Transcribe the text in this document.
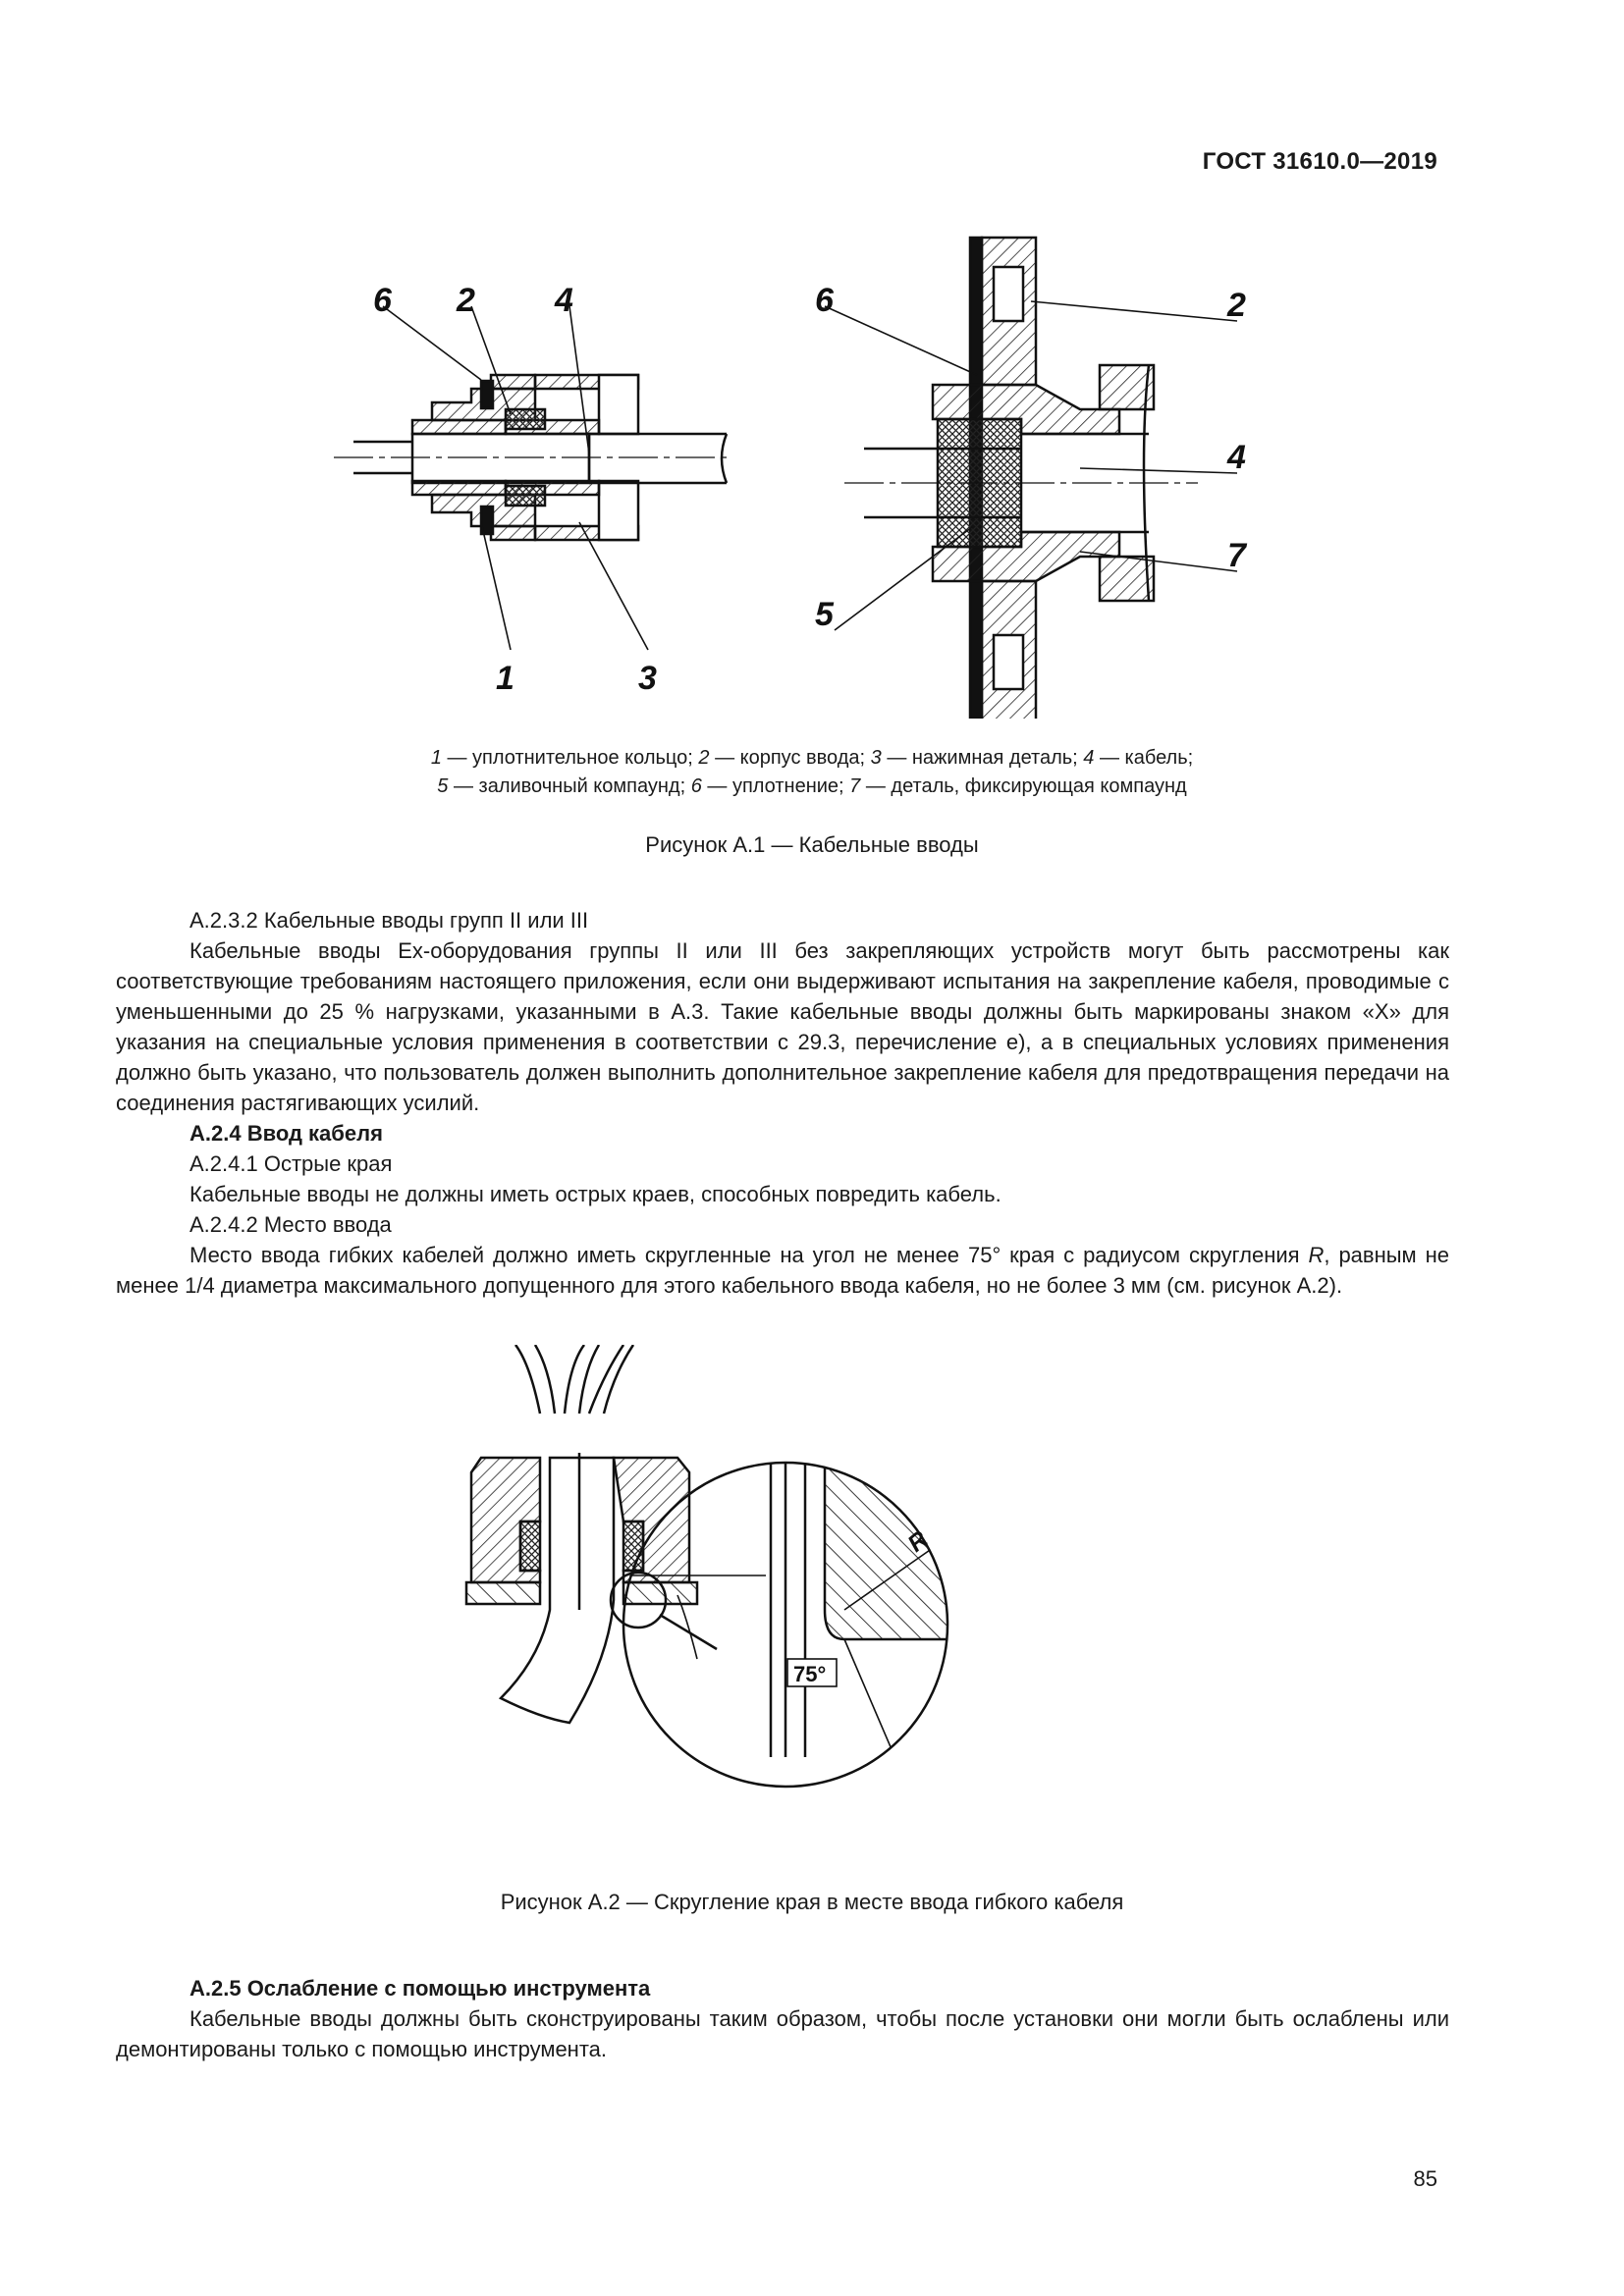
ГОСТ 31610.0—2019
6 2 4
1	3
6	2
4
7
5
1 — уплотнительное кольцо; 2 — корпус ввода; 3 — нажимная деталь; 4 — кабель;
5 — заливочный компаунд; 6 — уплотнение; 7 — деталь, фиксирующая компаунд
Рисунок А.1 — Кабельные вводы
А.2.3.2 Кабельные вводы групп II или III
Кабельные вводы Ex-оборудования группы II или III без закрепляющих устройств могут быть рассмотрены как соответствующие требованиям настоящего приложения, если они выдерживают испытания на закрепление кабеля, проводимые с уменьшенными до 25 % нагрузками, указанными в А.3. Такие кабельные вводы должны быть маркированы знаком «X» для указания на специальные условия применения в соответствии с 29.3, перечисление е), а в специальных условиях применения должно быть указано, что пользователь должен выполнить дополнительное закрепление кабеля для предотвращения передачи на соединения растягивающих усилий.
А.2.4 Ввод кабеля
А.2.4.1 Острые края
Кабельные вводы не должны иметь острых краев, способных повредить кабель.
А.2.4.2 Место ввода
Место ввода гибких кабелей должно иметь скругленные на угол не менее 75° края с радиусом скругления R, равным не менее 1/4 диаметра максимального допущенного для этого кабельного ввода кабеля, но не более 3 мм (см. рисунок А.2).
R
75°
Рисунок А.2 — Скругление края в месте ввода гибкого кабеля
А.2.5 Ослабление с помощью инструмента
Кабельные вводы должны быть сконструированы таким образом, чтобы после установки они могли быть ослаблены или демонтированы только с помощью инструмента.
85
